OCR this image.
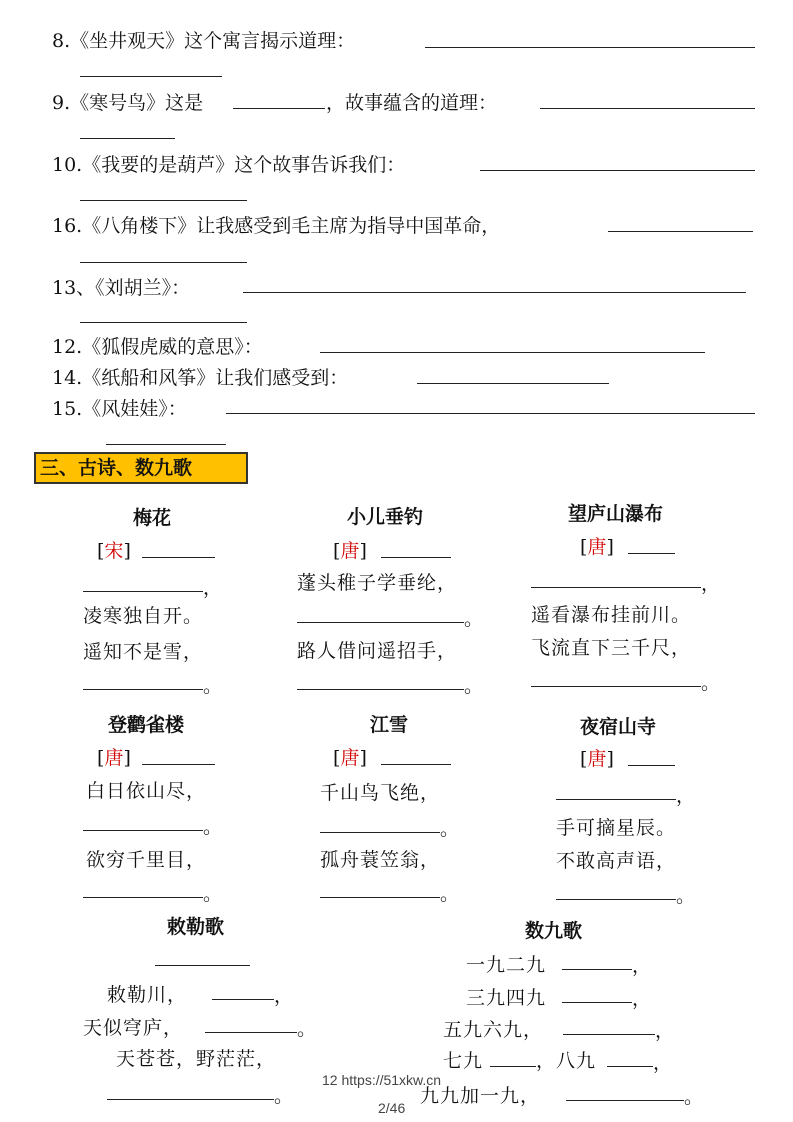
8.《坐井观天》这个寓言揭示道理：
9.《寒号鸟》这是	，故事蕴含的道理：
10.《我要的是葫芦》这个故事告诉我们：
16.《八角楼下》让我感受到毛主席为指导中国革命，
13、《刘胡兰》：
12.《狐假虎威的意思》：
14.《纸船和风筝》让我们感受到：
15.《风娃娃》：
三、古诗、数九歌
梅花
[宋]
，
凌寒独自开。
遥知不是雪，
。
小儿垂钓
[唐]
蓬头稚子学垂纶，
。
路人借问遥招手，
。
望庐山瀑布
[唐]
，
遥看瀑布挂前川。
飞流直下三千尺，
。
登鹳雀楼
[唐]
白日依山尽，
。
欲穷千里目，
。
江雪
[唐]
千山鸟飞绝，
。
孤舟蓑笠翁，
。
夜宿山寺
[唐]
，
手可摘星辰。
不敢高声语，
。
敕勒歌
敕勒川，	，
天似穹庐，	。
天苍苍，野茫茫，
。
数九歌
一九二九	，
三九四九	，
五九六九，	，
七九	，八九	，
九九加一九，	。
12 https://51xkw.cn
2/46
